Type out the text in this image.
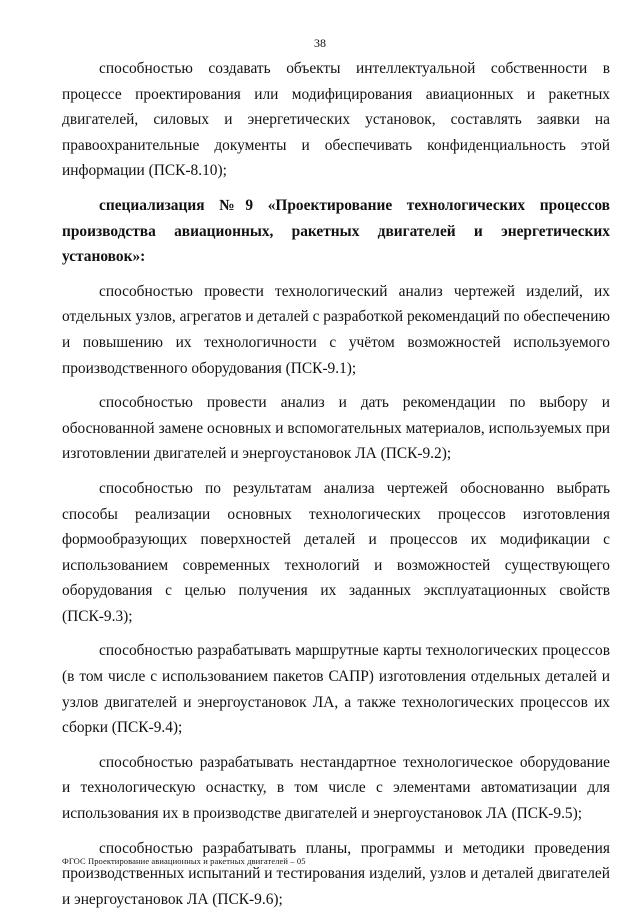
38

способностью создавать объекты интеллектуальной собственности в процессе проектирования или модифицирования авиационных и ракетных двигателей, силовых и энергетических установок, составлять заявки на правоохранительные документы и обеспечивать конфиденциальность этой информации (ПСК-8.10);

специализация №9 «Проектирование технологических процессов производства авиационных, ракетных двигателей и энергетических установок»:

способностью провести технологический анализ чертежей изделий, их отдельных узлов, агрегатов и деталей с разработкой рекомендаций по обеспечению и повышению их технологичности с учётом возможностей используемого производственного оборудования (ПСК-9.1);

способностью провести анализ и дать рекомендации по выбору и обоснованной замене основных и вспомогательных материалов, используемых при изготовлении двигателей и энергоустановок ЛА (ПСК-9.2);

способностью по результатам анализа чертежей обоснованно выбрать способы реализации основных технологических процессов изготовления формообразующих поверхностей деталей и процессов их модификации с использованием современных технологий и возможностей существующего оборудования с целью получения их заданных эксплуатационных свойств (ПСК-9.3);

способностью разрабатывать маршрутные карты технологических процессов (в том числе с использованием пакетов САПР) изготовления отдельных деталей и узлов двигателей и энергоустановок ЛА, а также технологических процессов их сборки (ПСК-9.4);

способностью разрабатывать нестандартное технологическое оборудование и технологическую оснастку, в том числе с элементами автоматизации для использования их в производстве двигателей и энергоустановок ЛА (ПСК-9.5);

способностью разрабатывать планы, программы и методики проведения производственных испытаний и тестирования изделий, узлов и деталей двигателей и энергоустановок ЛА (ПСК-9.6);

ФГОС Проектирование авиационных и ракетных двигателей – 05
